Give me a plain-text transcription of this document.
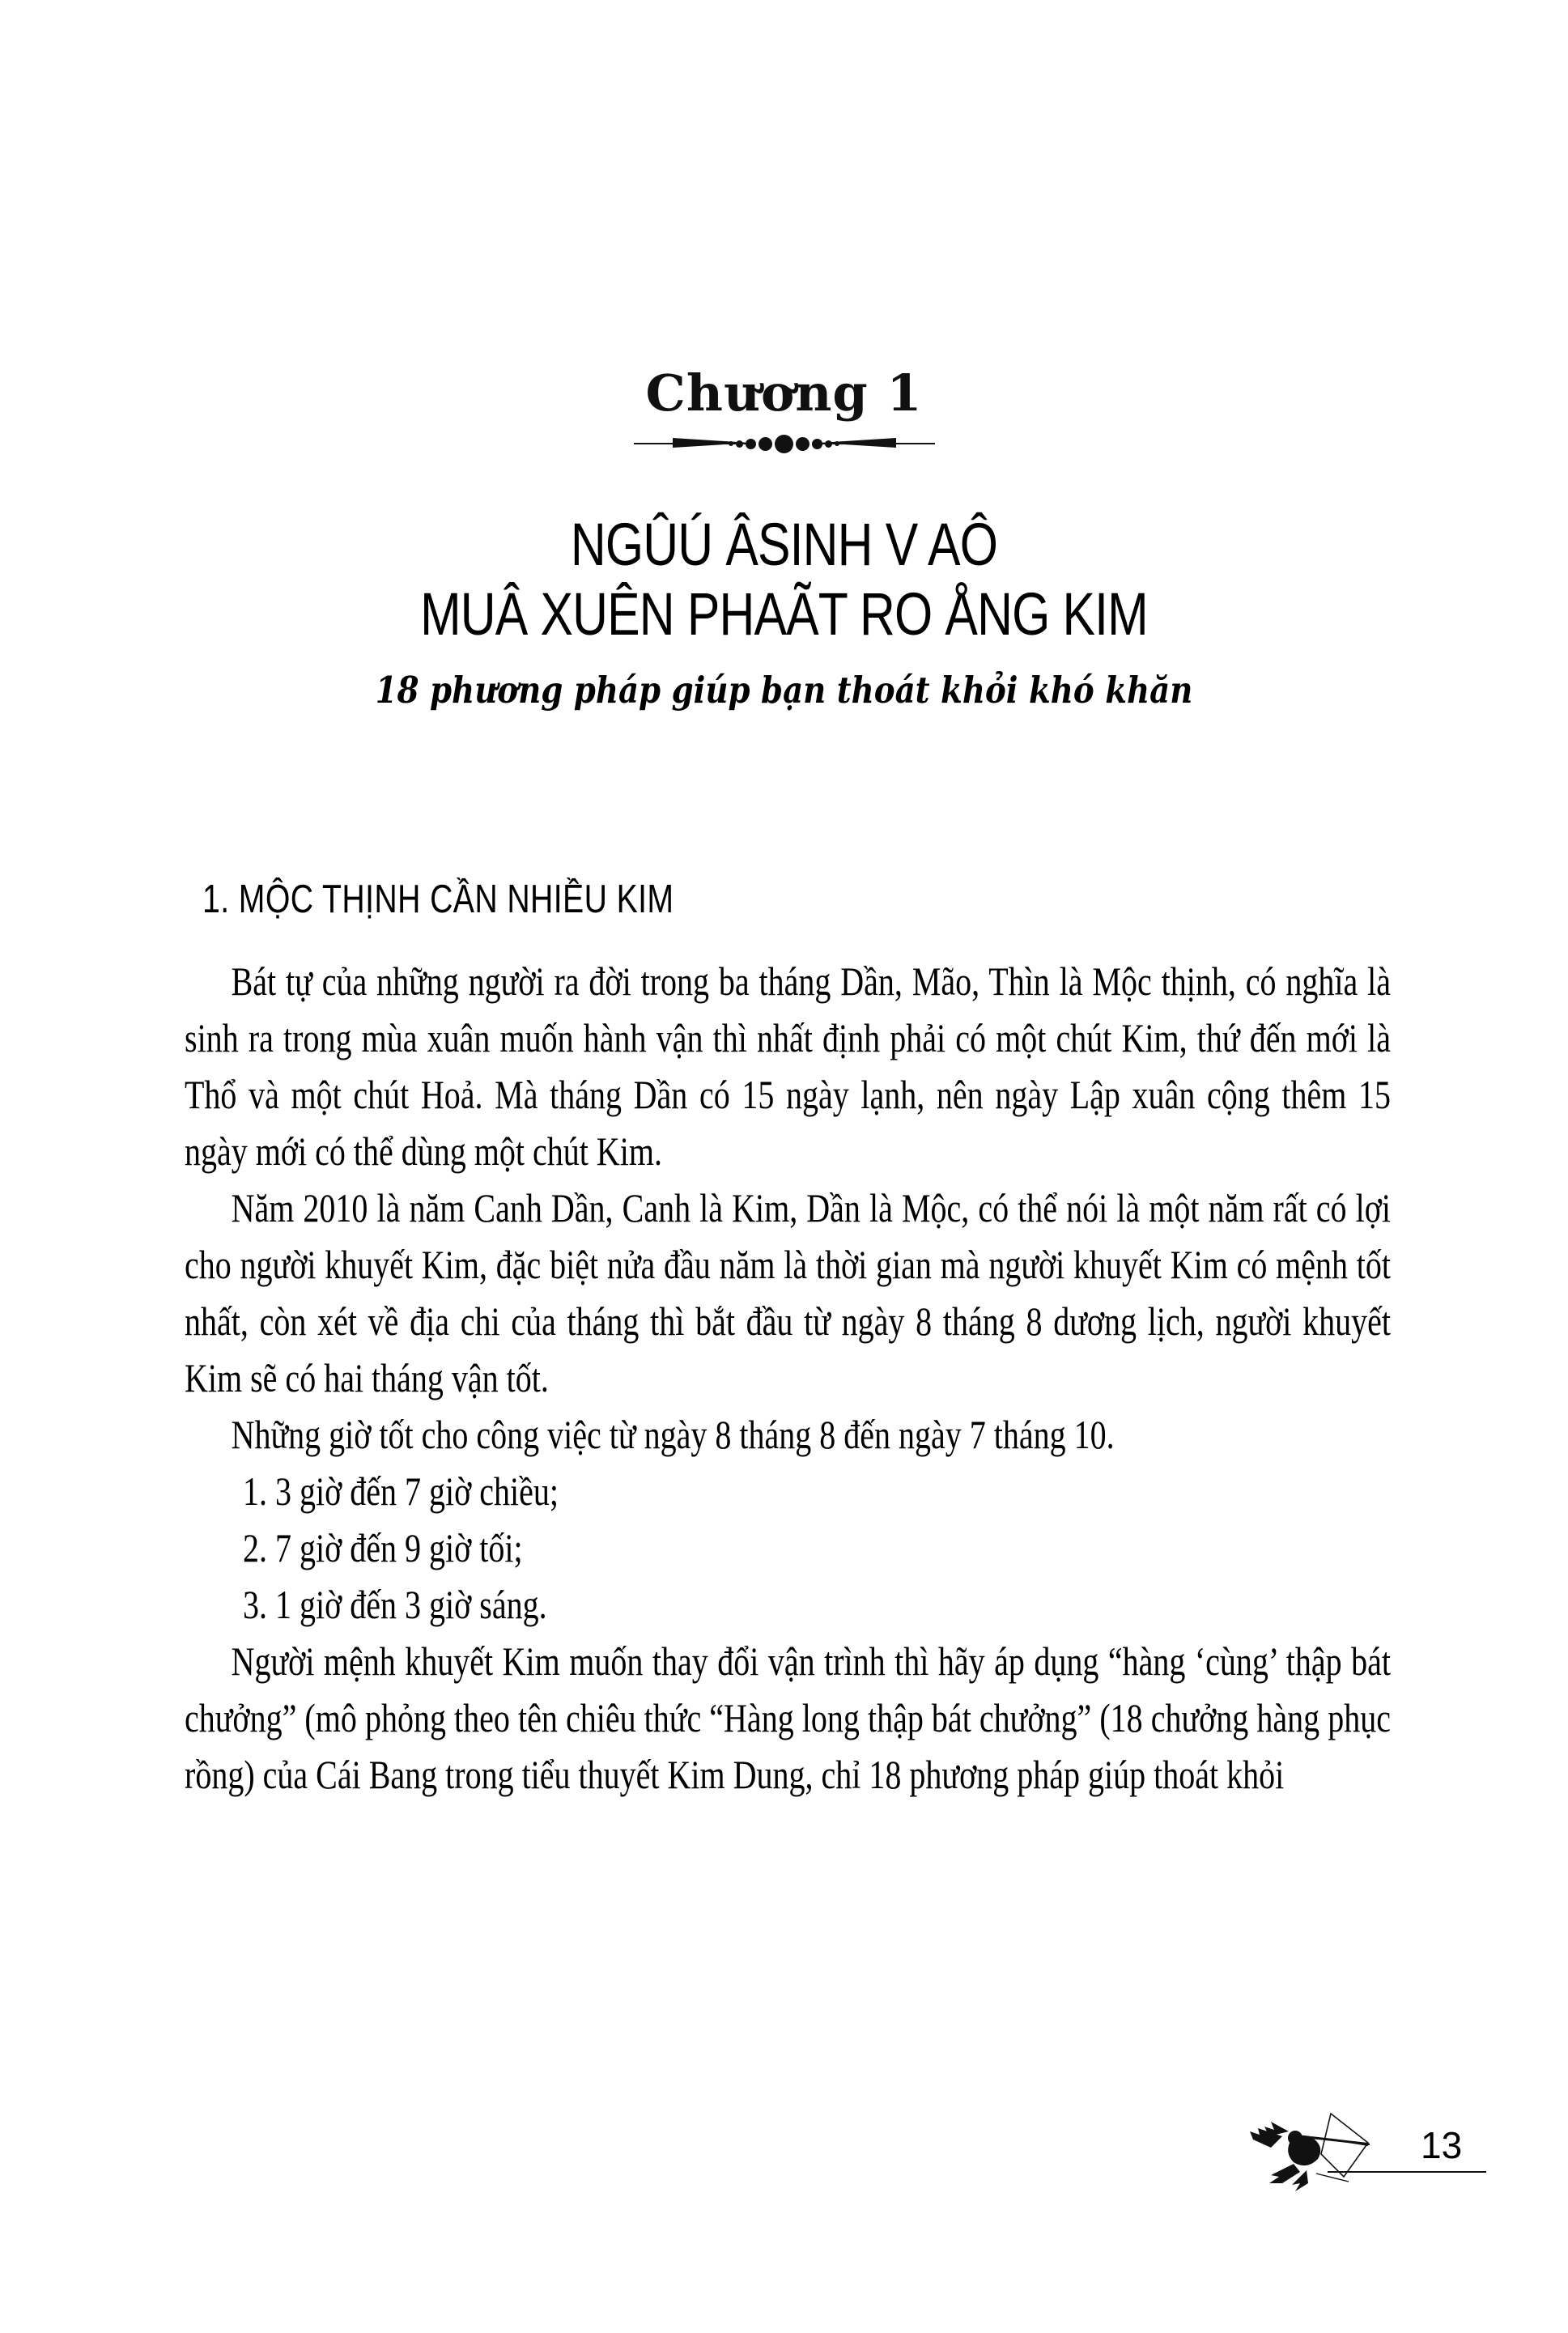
Chương 1
NGÛÚ ÂSINH V AÔ
MUÂ XUÊN PHAÃT RO ÅNG KIM
18 phương pháp giúp bạn thoát khỏi khó khăn
1. MỘC THỊNH CẦN NHIỀU KIM

Bát tự của những người ra đời trong ba tháng Dần, Mão, Thìn là Mộc thịnh, có nghĩa là sinh ra trong mùa xuân muốn hành vận thì nhất định phải có một chút Kim, thứ đến mới là Thổ và một chút Hoả. Mà tháng Dần có 15 ngày lạnh, nên ngày Lập xuân cộng thêm 15 ngày mới có thể dùng một chút Kim.

Năm 2010 là năm Canh Dần, Canh là Kim, Dần là Mộc, có thể nói là một năm rất có lợi cho người khuyết Kim, đặc biệt nửa đầu năm là thời gian mà người khuyết Kim có mệnh tốt nhất, còn xét về địa chi của tháng thì bắt đầu từ ngày 8 tháng 8 dương lịch, người khuyết Kim sẽ có hai tháng vận tốt.

Những giờ tốt cho công việc từ ngày 8 tháng 8 đến ngày 7 tháng 10.

1. 3 giờ đến 7 giờ chiều;
2. 7 giờ đến 9 giờ tối;
3. 1 giờ đến 3 giờ sáng.

Người mệnh khuyết Kim muốn thay đổi vận trình thì hãy áp dụng “hàng ‘cùng’ thập bát chưởng” (mô phỏng theo tên chiêu thức “Hàng long thập bát chưởng” (18 chưởng hàng phục rồng) của Cái Bang trong tiểu thuyết Kim Dung, chỉ 18 phương pháp giúp thoát khỏi

13
